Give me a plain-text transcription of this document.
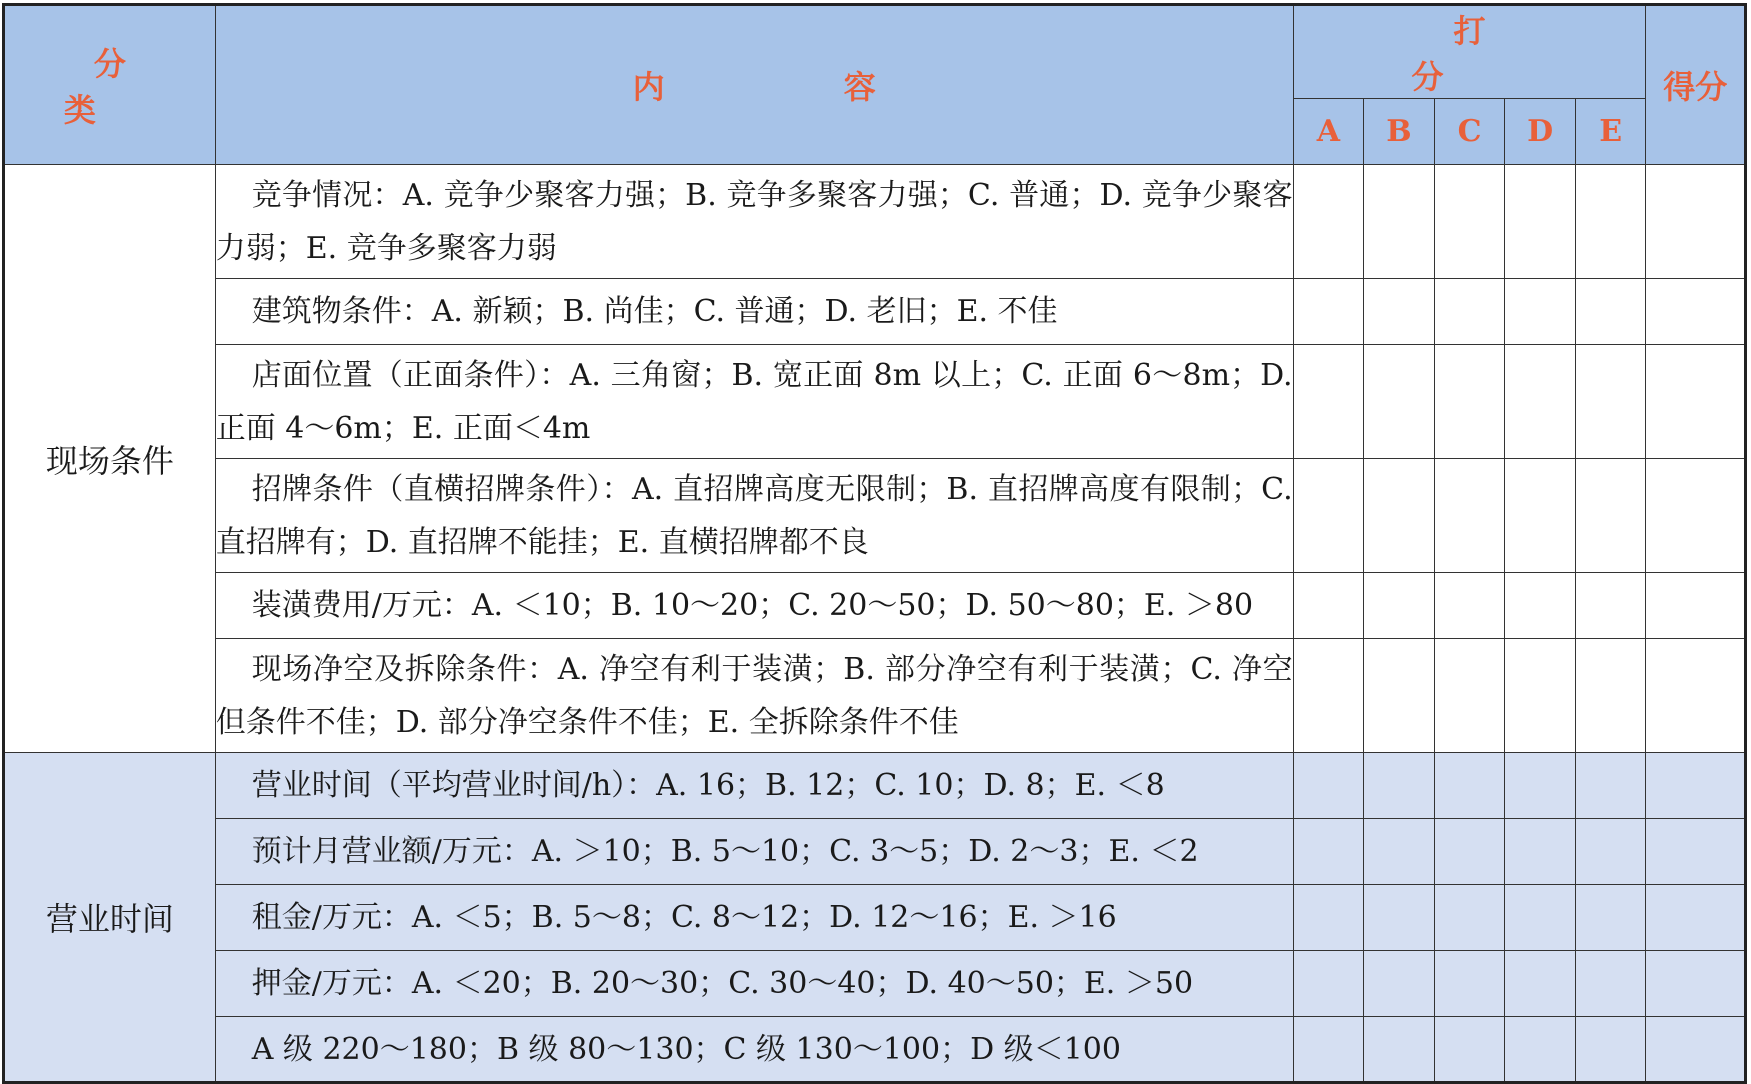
分 类	内 容	打 分					得分
		A	B	C	D	E	
现场条件	竞争情况：A. 竞争少聚客力强；B. 竞争多聚客力强；C. 普通；D. 竞争少聚客力弱；E. 竞争多聚客力弱						
	建筑物条件：A. 新颖；B. 尚佳；C. 普通；D. 老旧；E. 不佳						
	店面位置（正面条件）：A. 三角窗；B. 宽正面 8m 以上；C. 正面 6～8m；D. 正面 4～6m；E. 正面＜4m						
	招牌条件（直横招牌条件）：A. 直招牌高度无限制；B. 直招牌高度有限制；C. 直招牌有；D. 直招牌不能挂；E. 直横招牌都不良						
	装潢费用/万元：A. ＜10；B. 10～20；C. 20～50；D. 50～80；E. ＞80						
	现场净空及拆除条件：A. 净空有利于装潢；B. 部分净空有利于装潢；C. 净空但条件不佳；D. 部分净空条件不佳；E. 全拆除条件不佳						
营业时间	营业时间（平均营业时间/h）：A. 16；B. 12；C. 10；D. 8；E. ＜8						
	预计月营业额/万元：A. ＞10；B. 5～10；C. 3～5；D. 2～3；E. ＜2						
	租金/万元：A. ＜5；B. 5～8；C. 8～12；D. 12～16；E. ＞16						
	押金/万元：A. ＜20；B. 20～30；C. 30～40；D. 40～50；E. ＞50						
	A 级 220～180；B 级 80～130；C 级 130～100；D 级＜100						
